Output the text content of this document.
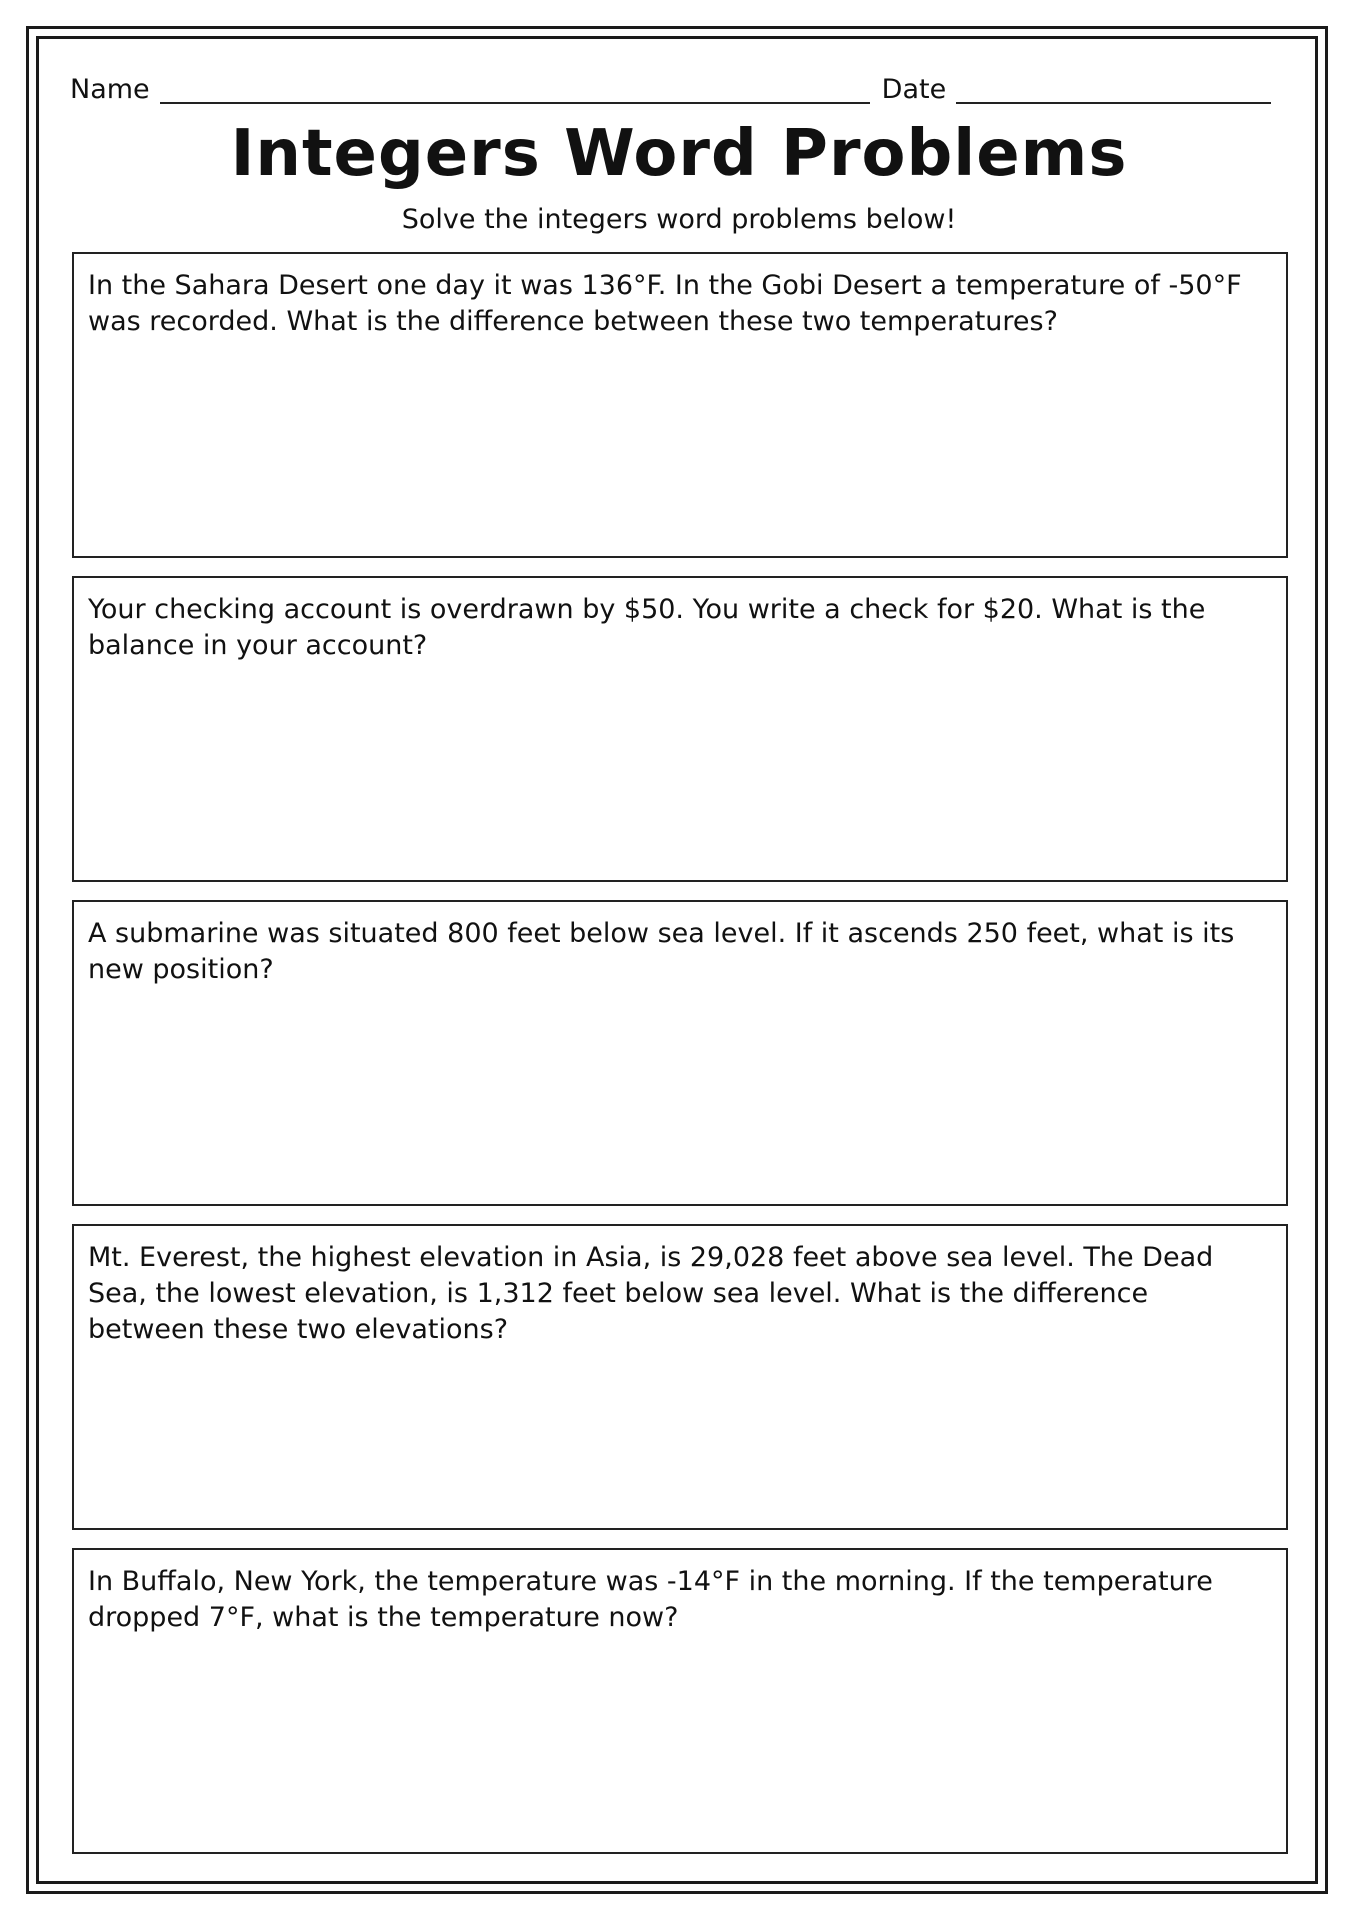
Name	Date
Integers Word Problems
Solve the integers word problems below!
In the Sahara Desert one day it was 136°F. In the Gobi Desert a temperature of -50°F was recorded. What is the difference between these two temperatures?
Your checking account is overdrawn by $50. You write a check for $20. What is the balance in your account?
A submarine was situated 800 feet below sea level. If it ascends 250 feet, what is its new position?
Mt. Everest, the highest elevation in Asia, is 29,028 feet above sea level. The Dead Sea, the lowest elevation, is 1,312 feet below sea level. What is the difference between these two elevations?
In Buffalo, New York, the temperature was -14°F in the morning. If the temperature dropped 7°F, what is the temperature now?
